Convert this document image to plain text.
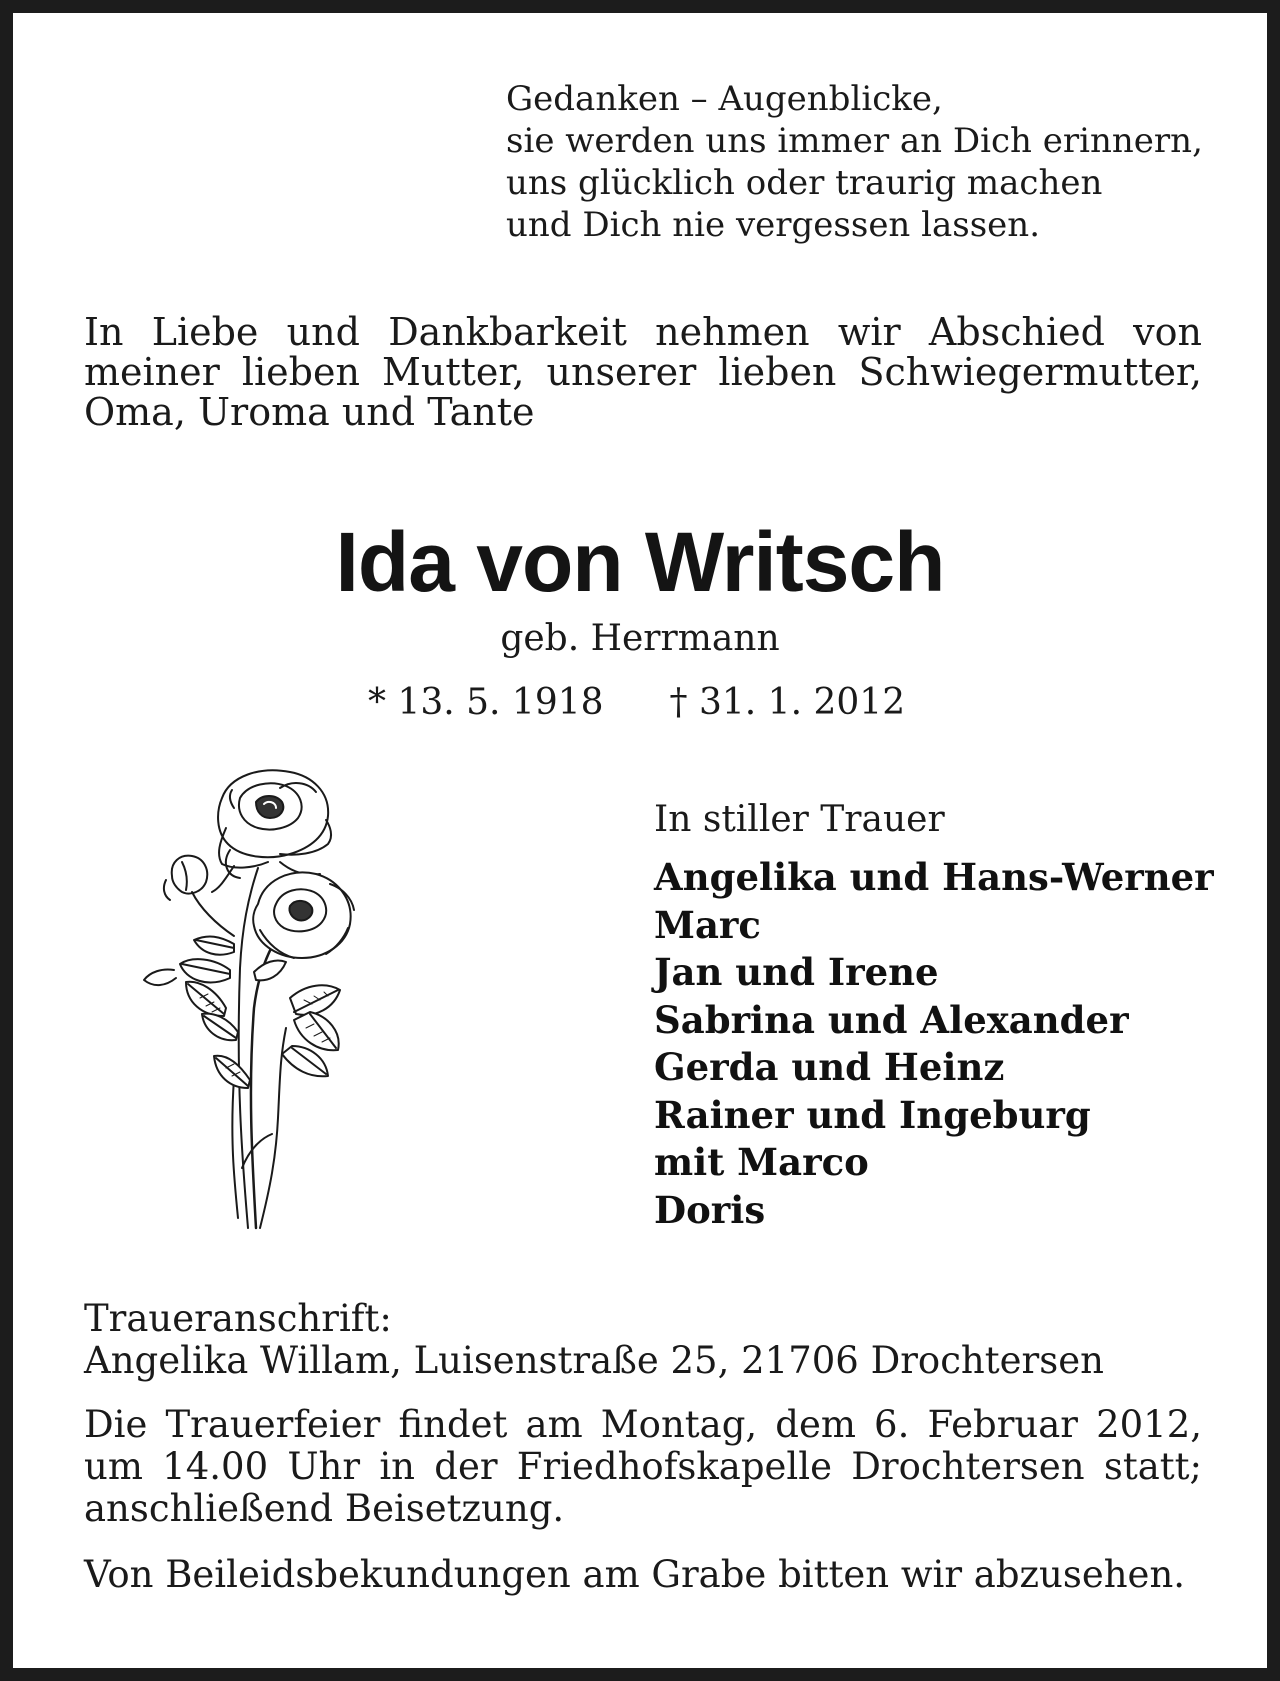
Gedanken – Augenblicke,
sie werden uns immer an Dich erinnern,
uns glücklich oder traurig machen
und Dich nie vergessen lassen.
In Liebe und Dankbarkeit nehmen wir Abschied von
meiner lieben Mutter, unserer lieben Schwiegermutter,
Oma, Uroma und Tante
Ida von Writsch
geb. Herrmann
* 13. 5. 1918 † 31. 1. 2012
In stiller Trauer
Angelika und Hans-Werner
Marc
Jan und Irene
Sabrina und Alexander
Gerda und Heinz
Rainer und Ingeburg
mit Marco
Doris
Traueranschrift:
Angelika Willam, Luisenstraße 25, 21706 Drochtersen
Die Trauerfeier findet am Montag, dem 6. Februar 2012,
um 14.00 Uhr in der Friedhofskapelle Drochtersen statt;
anschließend Beisetzung.
Von Beileidsbekundungen am Grabe bitten wir abzusehen.
